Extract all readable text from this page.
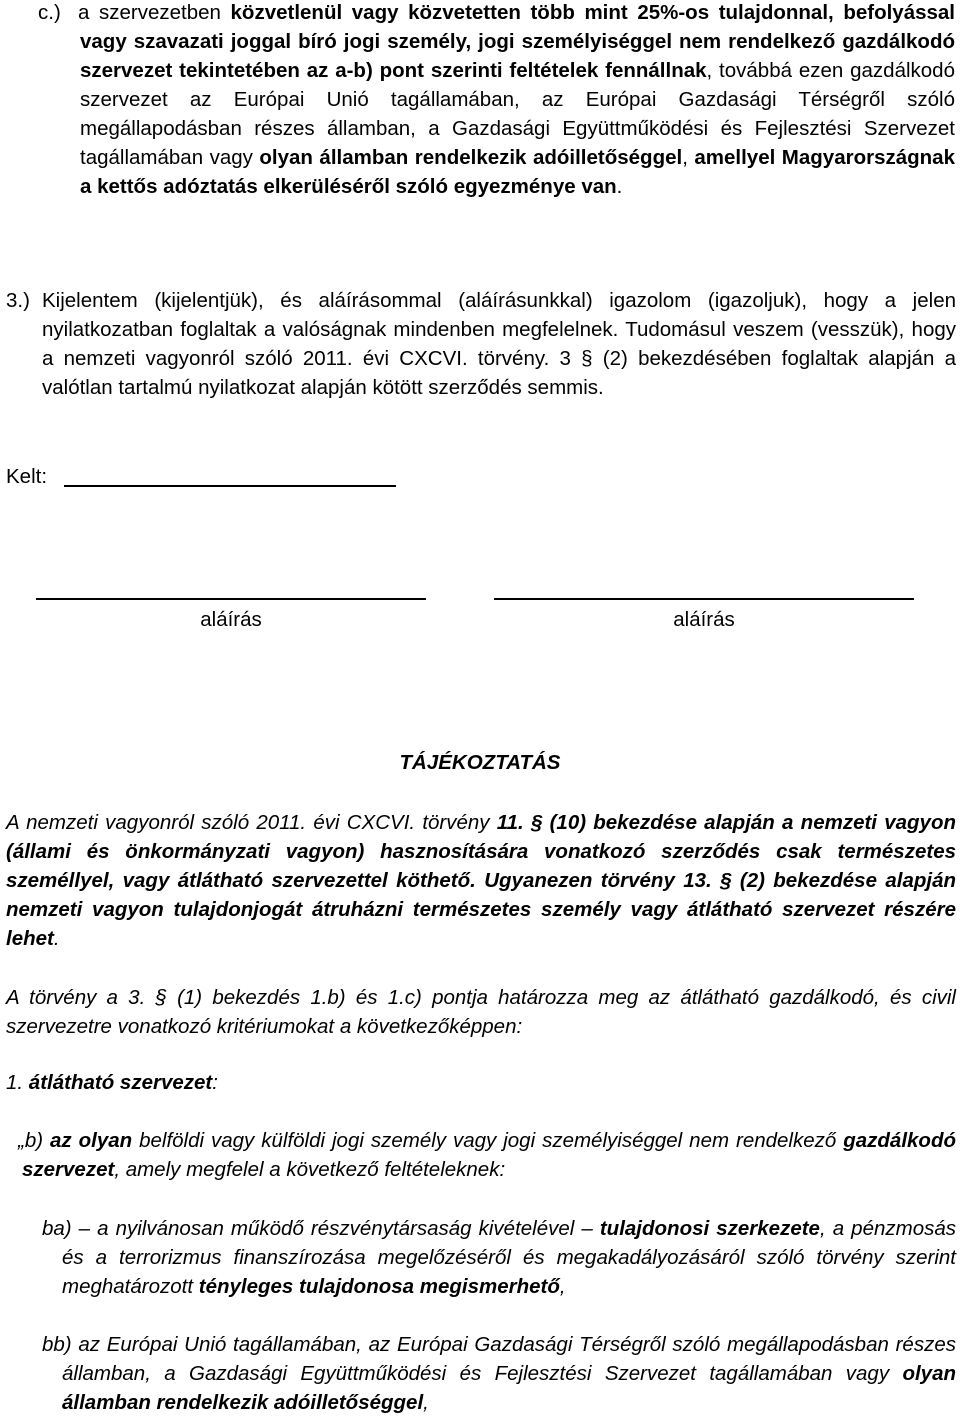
c.) a szervezetben közvetlenül vagy közvetetten több mint 25%-os tulajdonnal, befolyással vagy szavazati joggal bíró jogi személy, jogi személyiséggel nem rendelkező gazdálkodó szervezet tekintetében az a-b) pont szerinti feltételek fennállnak, továbbá ezen gazdálkodó szervezet az Európai Unió tagállamában, az Európai Gazdasági Térségről szóló megállapodásban részes államban, a Gazdasági Együttműködési és Fejlesztési Szervezet tagállamában vagy olyan államban rendelkezik adóilletőséggel, amellyel Magyarországnak a kettős adóztatás elkerüléséről szóló egyezménye van.
3.) Kijelentem (kijelentjük), és aláírásommal (aláírásunkkal) igazolom (igazoljuk), hogy a jelen nyilatkozatban foglaltak a valóságnak mindenben megfelelnek. Tudomásul veszem (vesszük), hogy a nemzeti vagyonról szóló 2011. évi CXCVI. törvény. 3 § (2) bekezdésében foglaltak alapján a valótlan tartalmú nyilatkozat alapján kötött szerződés semmis.
Kelt:
aláírás	aláírás
TÁJÉKOZTATÁS
A nemzeti vagyonról szóló 2011. évi CXCVI. törvény 11. § (10) bekezdése alapján a nemzeti vagyon (állami és önkormányzati vagyon) hasznosítására vonatkozó szerződés csak természetes személlyel, vagy átlátható szervezettel köthető. Ugyanezen törvény 13. § (2) bekezdése alapján nemzeti vagyon tulajdonjogát átruházni természetes személy vagy átlátható szervezet részére lehet.
A törvény a 3. § (1) bekezdés 1.b) és 1.c) pontja határozza meg az átlátható gazdálkodó, és civil szervezetre vonatkozó kritériumokat a következőképpen:
1. átlátható szervezet:
„b) az olyan belföldi vagy külföldi jogi személy vagy jogi személyiséggel nem rendelkező gazdálkodó szervezet, amely megfelel a következő feltételeknek:
ba) – a nyilvánosan működő részvénytársaság kivételével – tulajdonosi szerkezete, a pénzmosás és a terrorizmus finanszírozása megelőzéséről és megakadályozásáról szóló törvény szerint meghatározott tényleges tulajdonosa megismerhető,
bb) az Európai Unió tagállamában, az Európai Gazdasági Térségről szóló megállapodásban részes államban, a Gazdasági Együttműködési és Fejlesztési Szervezet tagállamában vagy olyan államban rendelkezik adóilletőséggel,
